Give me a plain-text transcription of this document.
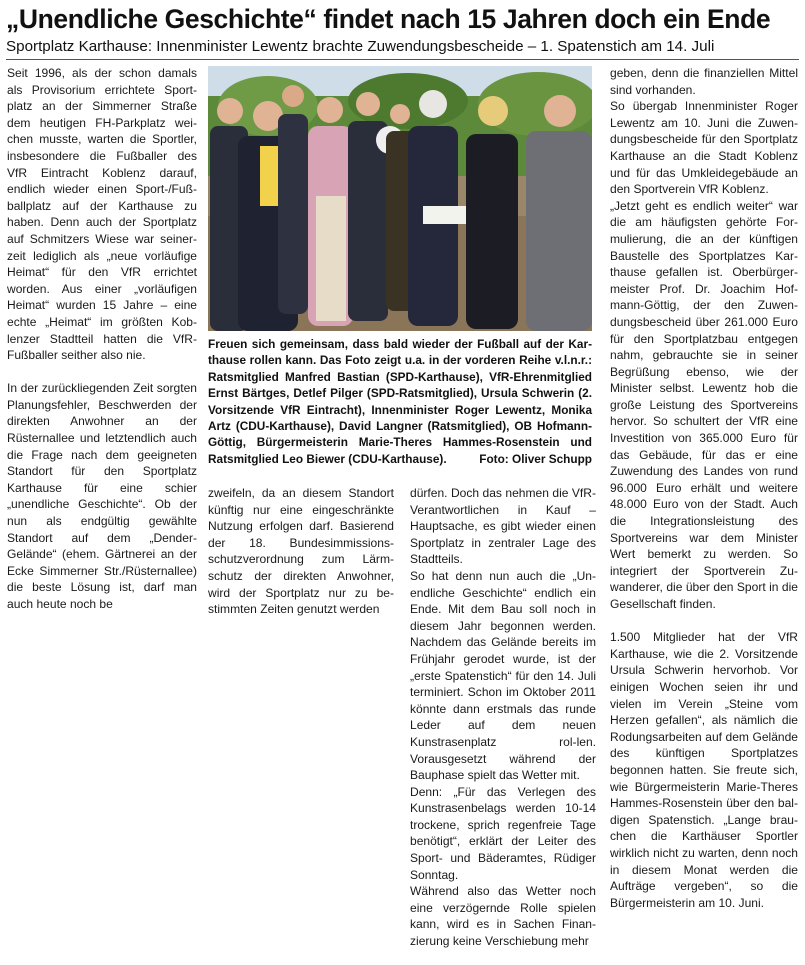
„Unendliche Geschichte“ findet nach 15 Jahren doch ein Ende
Sportplatz Karthause: Innenminister Lewentz brachte Zuwendungsbescheide – 1. Spatenstich am 14. Juli

Seit 1996, als der schon damals als Provisorium errichtete Sportplatz an der Simmerner Straße dem heutigen FH-Parkplatz weichen musste, warten die Sportler, insbesondere die Fußballer des VfR Eintracht Koblenz darauf, endlich wieder einen Sport-/Fußballplatz auf der Karthause zu haben. Denn auch der Sportplatz auf Schmitzers Wiese war seinerzeit lediglich als „neue vorläufige Heimat“ für den VfR errichtet worden. Aus einer „vorläufigen Heimat“ wurden 15 Jahre – eine echte „Heimat“ im größten Koblenzer Stadtteil hatten die VfR-Fußballer seither also nie.

In der zurückliegenden Zeit sorgten Planungsfehler, Beschwerden der direkten Anwohner an der Rüsternallee und letztendlich auch die Frage nach dem geeigneten Standort für den Sportplatz Karthause für eine schier „unendliche Geschichte“. Ob der nun als endgültig gewählte Standort auf dem „Dender-Gelände“ (ehem. Gärtnerei an der Ecke Simmerner Str./Rüsternallee) die beste Lösung ist, darf man auch heute noch be

Freuen sich gemeinsam, dass bald wieder der Fußball auf der Karthause rollen kann. Das Foto zeigt u.a. in der vorderen Reihe v.l.n.r.: Ratsmitglied Manfred Bastian (SPD-Karthause), VfR-Ehrenmitglied Ernst Bärtges, Detlef Pilger (SPD-Ratsmitglied), Ursula Schwerin (2. Vorsitzende VfR Eintracht), Innenminister Roger Lewentz, Monika Artz (CDU-Karthause), David Langner (Ratsmitglied), OB Hofmann-Göttig, Bürgermeisterin Marie-Theres Hammes-Rosenstein und Ratsmitglied Leo Biewer (CDU-Karthause).	Foto: Oliver Schupp

zweifeln, da an diesem Standort künftig nur eine eingeschränkte Nutzung erfolgen darf. Basierend der 18. Bundesimmissionsschutzverordnung zum Lärmschutz der direkten Anwohner, wird der Sportplatz nur zu bestimmten Zeiten genutzt werden

dürfen. Doch das nehmen die VfR-Verantwortlichen in Kauf – Hauptsache, es gibt wieder einen Sportplatz in zentraler Lage des Stadtteils.

So hat denn nun auch die „Unendliche Geschichte“ endlich ein Ende. Mit dem Bau soll noch in diesem Jahr begonnen werden. Nachdem das Gelände bereits im Frühjahr gerodet wurde, ist der „erste Spatenstich“ für den 14. Juli terminiert. Schon im Oktober 2011 könnte dann erstmals das runde Leder auf dem neuen Kunstrasenplatz rol-len. Vorausgesetzt während der Bauphase spielt das Wetter mit.

Denn: „Für das Verlegen des Kunstrasenbelags werden 10-14 trockene, sprich regenfreie Tage benötigt“, erklärt der Leiter des Sport- und Bäderamtes, Rüdiger Sonntag.

Während also das Wetter noch eine verzögernde Rolle spielen kann, wird es in Sachen Finanzierung keine Verschiebung mehr

geben, denn die finanziellen Mittel sind vorhanden.

So übergab Innenminister Roger Lewentz am 10. Juni die Zuwendungsbescheide für den Sportplatz Karthause an die Stadt Koblenz und für das Umkleidegebäude an den Sportverein VfR Koblenz.

„Jetzt geht es endlich weiter“ war die am häufigsten gehörte Formulierung, die an der künftigen Baustelle des Sportplatzes Karthause gefallen ist. Oberbürgermeister Prof. Dr. Joachim Hofmann-Göttig, der den Zuwendungsbescheid über 261.000 Euro für den Sportplatzbau entgegen nahm, gebrauchte sie in seiner Begrüßung ebenso, wie der Minister selbst. Lewentz hob die große Leistung des Sportvereins hervor. So schultert der VfR eine Investition von 365.000 Euro für das Gebäude, für das er eine Zuwendung des Landes von rund 96.000 Euro erhält und weitere 48.000 Euro von der Stadt. Auch die Integrationsleistung des Sportvereins war dem Minister Wert bemerkt zu werden. So integriert der Sportverein Zuwanderer, die über den Sport in die Gesellschaft finden.

1.500 Mitglieder hat der VfR Karthause, wie die 2. Vorsitzende Ursula Schwerin hervorhob. Vor einigen Wochen seien ihr und vielen im Verein „Steine vom Herzen gefallen“, als nämlich die Rodungsarbeiten auf dem Gelände des künftigen Sportplatzes begonnen hatten. Sie freute sich, wie Bürgermeisterin Marie-Theres Hammes-Rosenstein über den baldigen Spatenstich. „Lange brauchen die Karthäuser Sportler wirklich nicht zu warten, denn noch in diesem Monat werden die Aufträge vergeben“, so die Bürgermeisterin am 10. Juni.
